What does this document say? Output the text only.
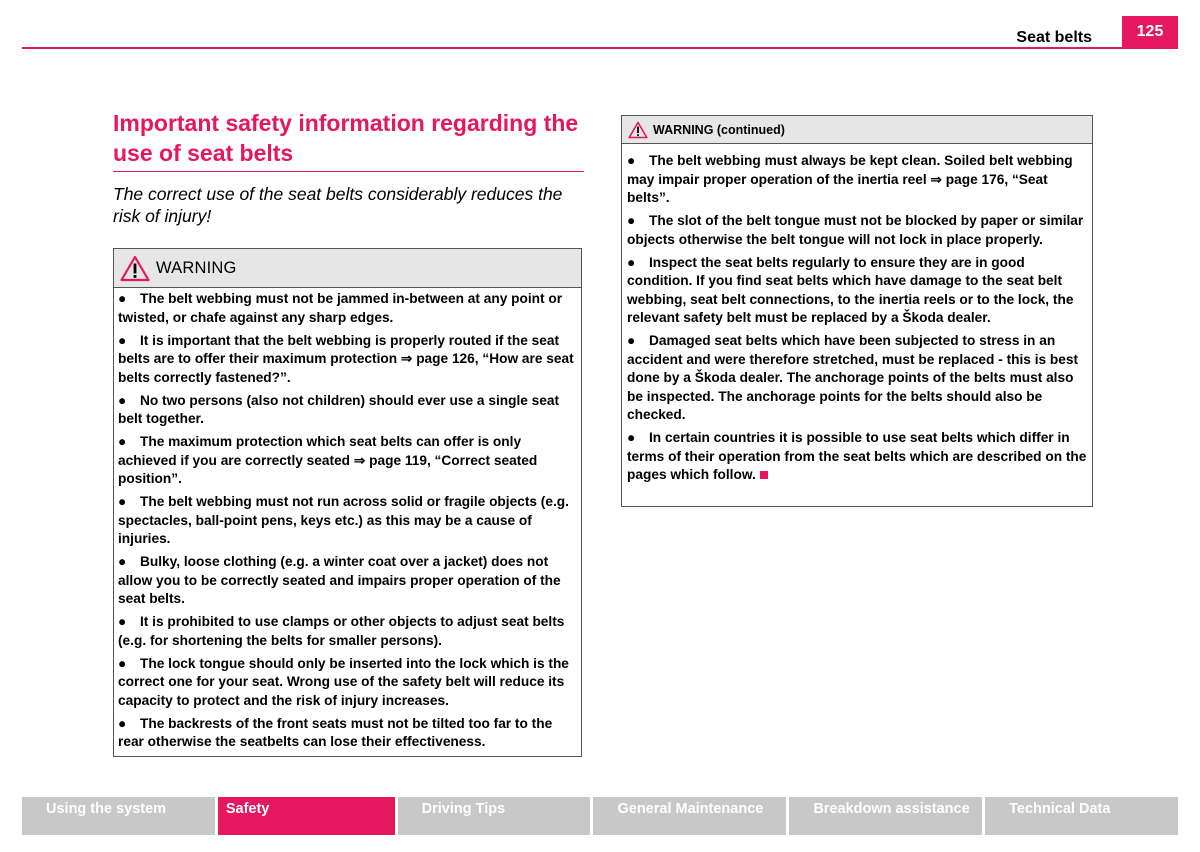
Seat belts	125
Important safety information regarding the use of seat belts
The correct use of the seat belts considerably reduces the risk of injury!
WARNING
● The belt webbing must not be jammed in-between at any point or twisted, or chafe against any sharp edges.
● It is important that the belt webbing is properly routed if the seat belts are to offer their maximum protection ⇒ page 126, “How are seat belts correctly fastened?”.
● No two persons (also not children) should ever use a single seat belt together.
● The maximum protection which seat belts can offer is only achieved if you are correctly seated ⇒ page 119, “Correct seated position”.
● The belt webbing must not run across solid or fragile objects (e.g. spectacles, ball-point pens, keys etc.) as this may be a cause of injuries.
● Bulky, loose clothing (e.g. a winter coat over a jacket) does not allow you to be correctly seated and impairs proper operation of the seat belts.
● It is prohibited to use clamps or other objects to adjust seat belts (e.g. for shortening the belts for smaller persons).
● The lock tongue should only be inserted into the lock which is the correct one for your seat. Wrong use of the safety belt will reduce its capacity to protect and the risk of injury increases.
● The backrests of the front seats must not be tilted too far to the rear otherwise the seatbelts can lose their effectiveness.
WARNING (continued)
● The belt webbing must always be kept clean. Soiled belt webbing may impair proper operation of the inertia reel ⇒ page 176, “Seat belts”.
● The slot of the belt tongue must not be blocked by paper or similar objects otherwise the belt tongue will not lock in place properly.
● Inspect the seat belts regularly to ensure they are in good condition. If you find seat belts which have damage to the seat belt webbing, seat belt connections, to the inertia reels or to the lock, the relevant safety belt must be replaced by a Škoda dealer.
● Damaged seat belts which have been subjected to stress in an accident and were therefore stretched, must be replaced - this is best done by a Škoda dealer. The anchorage points of the belts must also be inspected. The anchorage points for the belts should also be checked.
● In certain countries it is possible to use seat belts which differ in terms of their operation from the seat belts which are described on the pages which follow.
Using the system	Safety	Driving Tips	General Maintenance	Breakdown assistance	Technical Data
